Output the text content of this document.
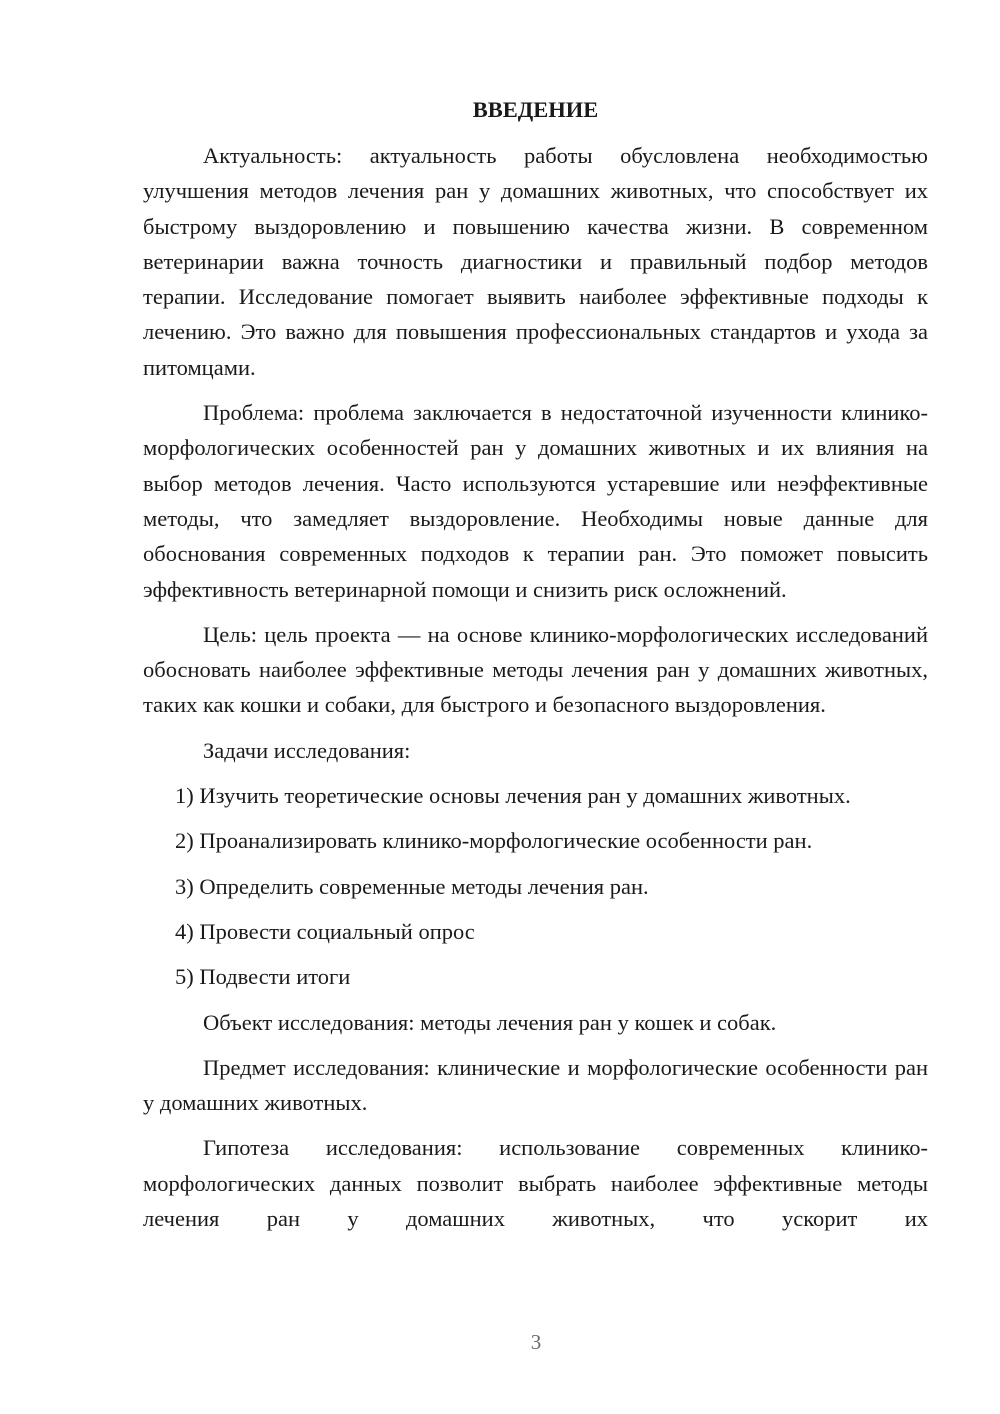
ВВЕДЕНИЕ

Актуальность: актуальность работы обусловлена необходимостью улучшения методов лечения ран у домашних животных, что способствует их быстрому выздоровлению и повышению качества жизни. В современном ветеринарии важна точность диагностики и правильный подбор методов терапии. Исследование помогает выявить наиболее эффективные подходы к лечению. Это важно для повышения профессиональных стандартов и ухода за питомцами.

Проблема: проблема заключается в недостаточной изученности клинико-морфологических особенностей ран у домашних животных и их влияния на выбор методов лечения. Часто используются устаревшие или неэффективные методы, что замедляет выздоровление. Необходимы новые данные для обоснования современных подходов к терапии ран. Это поможет повысить эффективность ветеринарной помощи и снизить риск осложнений.

Цель: цель проекта — на основе клинико-морфологических исследований обосновать наиболее эффективные методы лечения ран у домашних животных, таких как кошки и собаки, для быстрого и безопасного выздоровления.

Задачи исследования:
1) Изучить теоретические основы лечения ран у домашних животных.
2) Проанализировать клинико-морфологические особенности ран.
3) Определить современные методы лечения ран.
4) Провести социальный опрос
5) Подвести итоги

Объект исследования: методы лечения ран у кошек и собак.

Предмет исследования: клинические и морфологические особенности ран у домашних животных.

Гипотеза исследования: использование современных клинико-морфологических данных позволит выбрать наиболее эффективные методы лечения ран у домашних животных, что ускорит их

3
